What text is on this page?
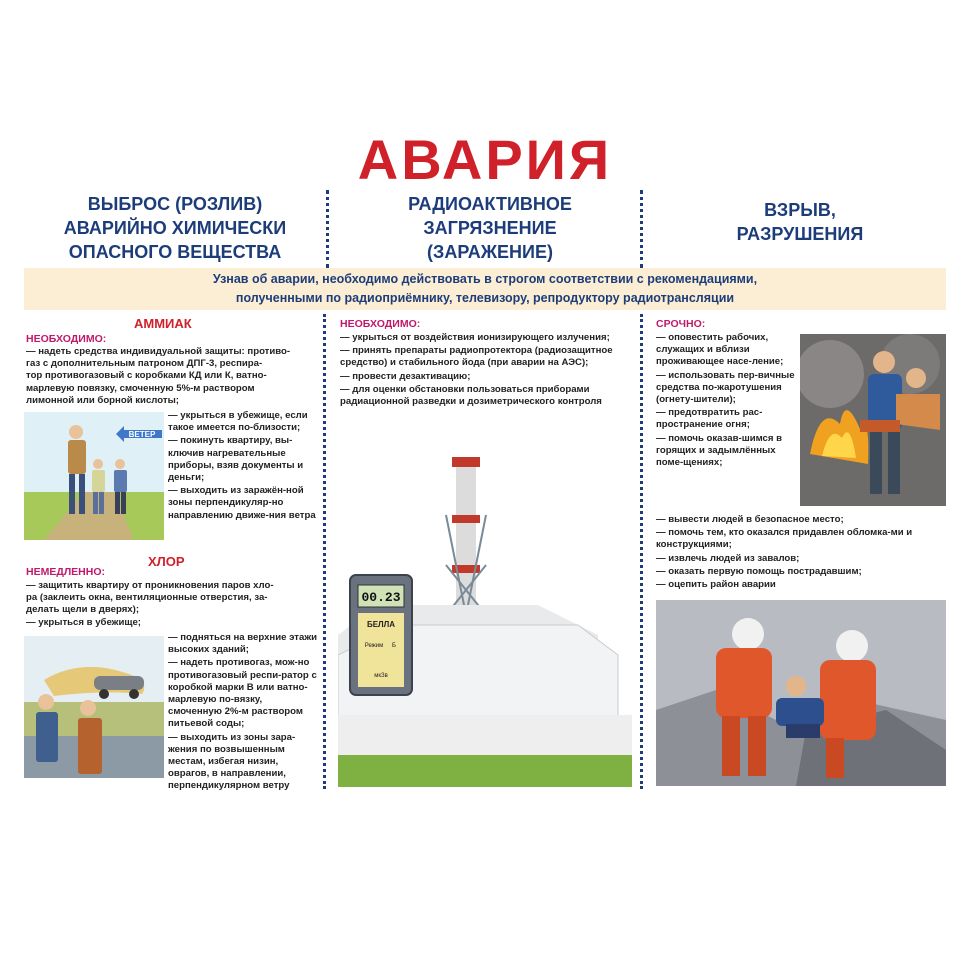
АВАРИЯ
ВЫБРОС (РОЗЛИВ)
АВАРИЙНО ХИМИЧЕСКИ
ОПАСНОГО ВЕЩЕСТВА
РАДИОАКТИВНОЕ
ЗАГРЯЗНЕНИЕ
(ЗАРАЖЕНИЕ)
ВЗРЫВ,
РАЗРУШЕНИЯ
Узнав об аварии, необходимо действовать в строгом соответствии с рекомендациями,
полученными по радиоприёмнику, телевизору, репродуктору радиотрансляции
АММИАК
НЕОБХОДИМО:
— надеть средства индивидуальной защиты: противо-
газ с дополнительным патроном ДПГ-3, респира-
тор противогазовый с коробками КД или К, ватно-
марлевую повязку, смоченную 5%-м раствором
лимонной или борной кислоты;

— укрыться в убежище, если такое имеется по-близости;

— покинуть квартиру, вы-ключив нагревательные приборы, взяв документы и деньги;

— выходить из заражён-ной зоны перпендикуляр-но направлению движе-ния ветра

ВЕТЕР
ХЛОР
НЕМЕДЛЕННО:
— защитить квартиру от проникновения паров хло-
ра (заклеить окна, вентиляционные отверстия, за-
делать щели в дверях);
— укрыться в убежище;

— подняться на верхние этажи высоких зданий;

— надеть противогаз, мож-но противогазовый респи-ратор с коробкой марки В или ватно-марлевую по-вязку, смоченную 2%-м раствором питьевой соды;

— выходить из зоны зара-жения по возвышенным местам, избегая низин, оврагов, в направлении, перпендикулярном ветру

НЕОБХОДИМО:

— укрыться от воздействия ионизирующего излучения;

— принять препараты радиопротектора (радиозащитное средство) и стабильного йода (при аварии на АЭС);

— провести дезактивацию;

— для оценки обстановки пользоваться приборами радиационной разведки и дозиметрического контроля

00.23
БЕЛЛА
Режим Б
мкЗв
СРОЧНО:

— оповестить рабочих, служащих и вблизи проживающее насе-ление;

— использовать пер-вичные средства по-жаротушения (огнету-шители);

— предотвратить рас-пространение огня;

— помочь оказав-шимся в горящих и задымлённых поме-щениях;

— вывести людей в безопасное место;

— помочь тем, кто оказался придавлен обломка-ми и конструкциями;

— извлечь людей из завалов;

— оказать первую помощь пострадавшим;

— оцепить район аварии
